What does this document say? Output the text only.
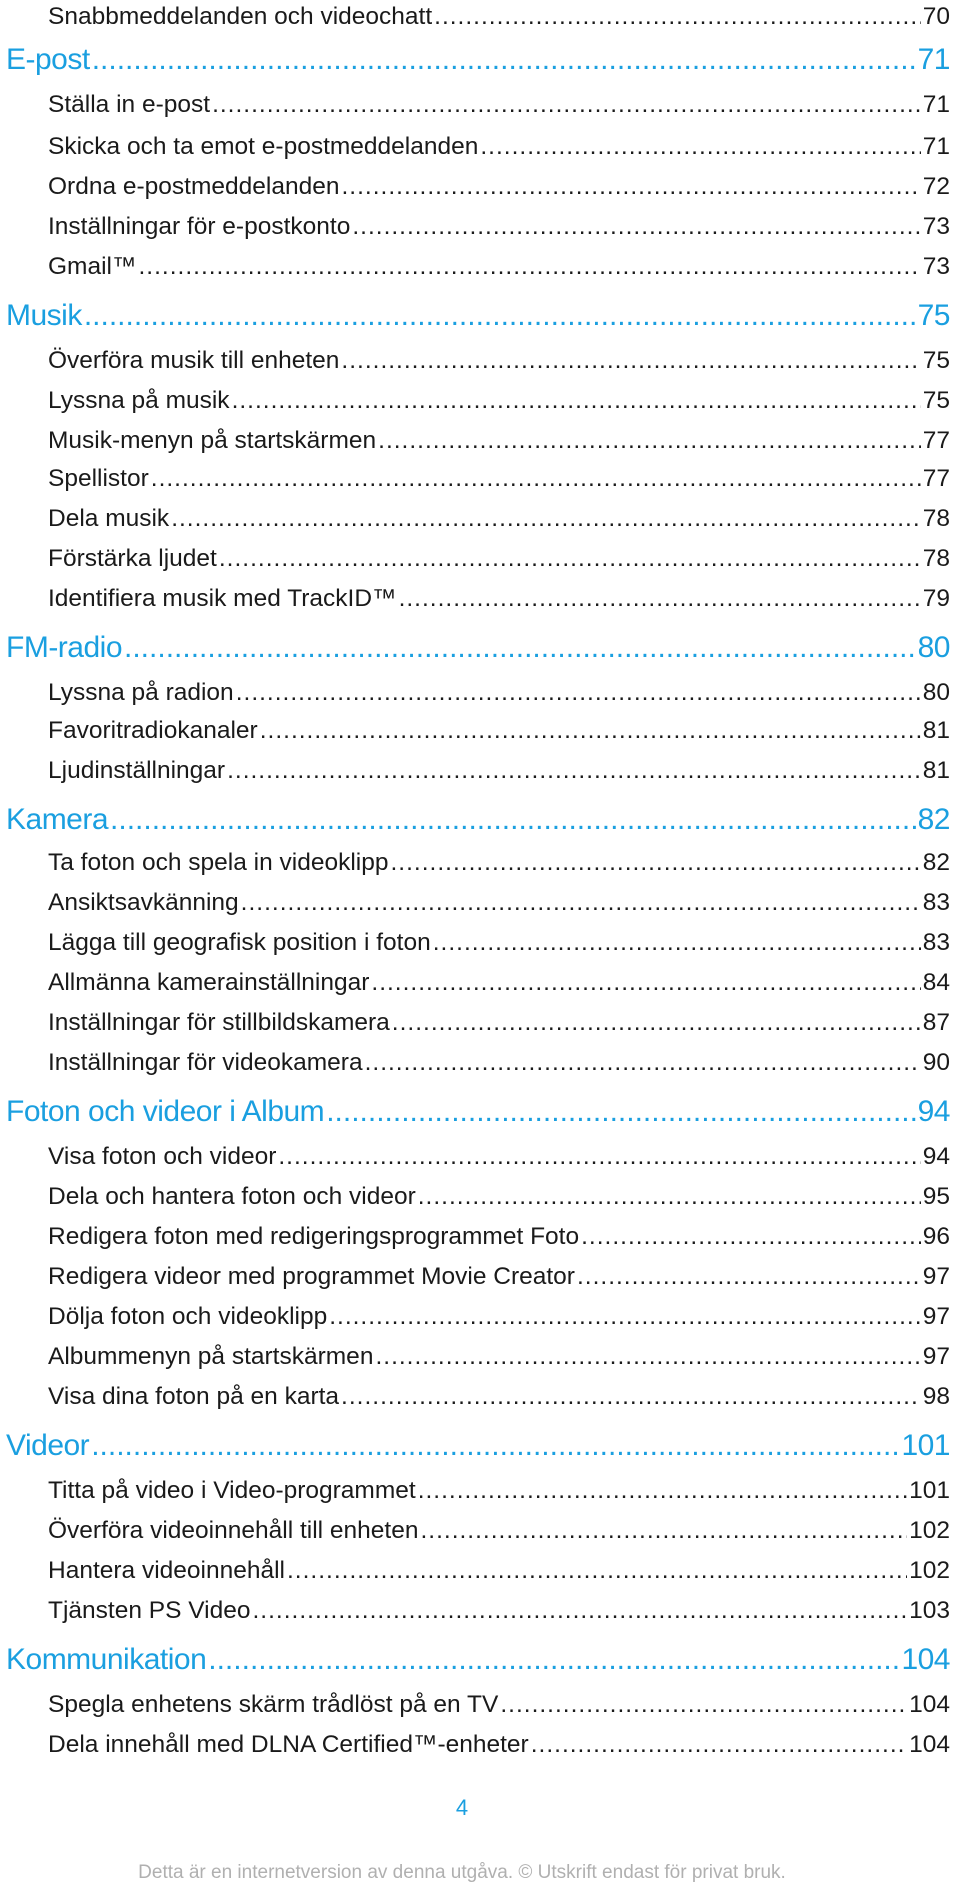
Snabbmeddelanden och videochatt .....	70
E-post .....	71
Ställa in e-post .....	71
Skicka och ta emot e-postmeddelanden .....	71
Ordna e-postmeddelanden .....	72
Inställningar för e-postkonto .....	73
Gmail™ .....	73
Musik .....	75
Överföra musik till enheten .....	75
Lyssna på musik .....	75
Musik-menyn på startskärmen .....	77
Spellistor .....	77
Dela musik .....	78
Förstärka ljudet .....	78
Identifiera musik med TrackID™ .....	79
FM-radio .....	80
Lyssna på radion .....	80
Favoritradiokanaler .....	81
Ljudinställningar .....	81
Kamera .....	82
Ta foton och spela in videoklipp .....	82
Ansiktsavkänning .....	83
Lägga till geografisk position i foton .....	83
Allmänna kamerainställningar .....	84
Inställningar för stillbildskamera .....	87
Inställningar för videokamera .....	90
Foton och videor i Album .....	94
Visa foton och videor .....	94
Dela och hantera foton och videor .....	95
Redigera foton med redigeringsprogrammet Foto .....	96
Redigera videor med programmet Movie Creator .....	97
Dölja foton och videoklipp .....	97
Albummenyn på startskärmen .....	97
Visa dina foton på en karta .....	98
Videor .....	101
Titta på video i Video-programmet .....	101
Överföra videoinnehåll till enheten .....	102
Hantera videoinnehåll .....	102
Tjänsten PS Video .....	103
Kommunikation .....	104
Spegla enhetens skärm trådlöst på en TV .....	104
Dela innehåll med DLNA Certified™-enheter .....	104
4
Detta är en internetversion av denna utgåva. © Utskrift endast för privat bruk.
